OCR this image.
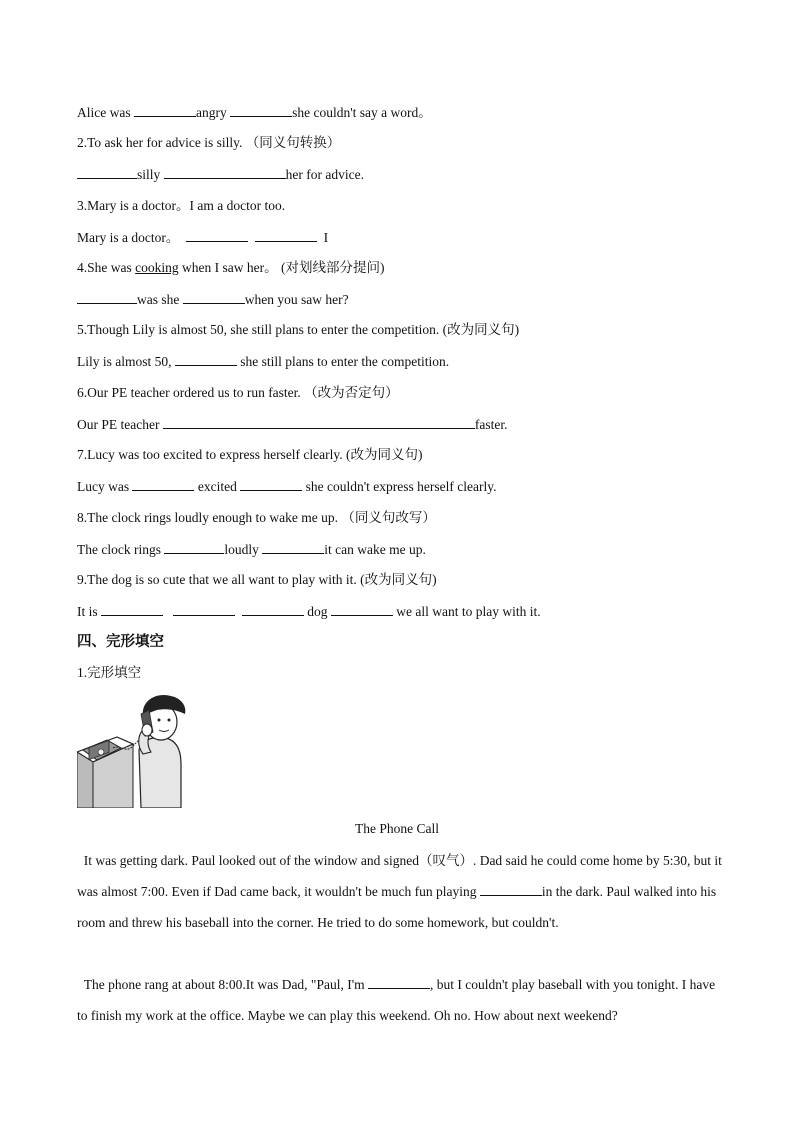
Alice was	angry	she couldn't say a word。
2.To ask her for advice is silly. （同义句转换）
silly	her for advice.
3.Mary is a doctor。I am a doctor too.
Mary is a doctor。	I
4.She was cooking when I saw her。 (对划线部分提问)
was she	when you saw her?
5.Though Lily is almost 50, she still plans to enter the competition. (改为同义句)
Lily is almost 50,	she still plans to enter the competition.
6.Our PE teacher ordered us to run faster. （改为否定句）
Our PE teacher	faster.
7.Lucy was too excited to express herself clearly. (改为同义句)
Lucy was	excited	she couldn't express herself clearly.
8.The clock rings loudly enough to wake me up. （同义句改写）
The clock rings	loudly	it can wake me up.
9.The dog is so cute that we all want to play with it. (改为同义句)
It is	dog	we all want to play with it.
四、完形填空
1.完形填空
The Phone Call

It was getting dark. Paul looked out of the window and signed（叹气）. Dad said he could come home by 5:30, but it was almost 7:00. Even if Dad came back, it wouldn't be much fun playing	in the dark. Paul walked into his room and threw his baseball into the corner. He tried to do some homework, but couldn't.

The phone rang at about 8:00.It was Dad, "Paul, I'm	, but I couldn't play baseball with you tonight. I have to finish my work at the office. Maybe we can play this weekend. Oh no. How about next weekend?
